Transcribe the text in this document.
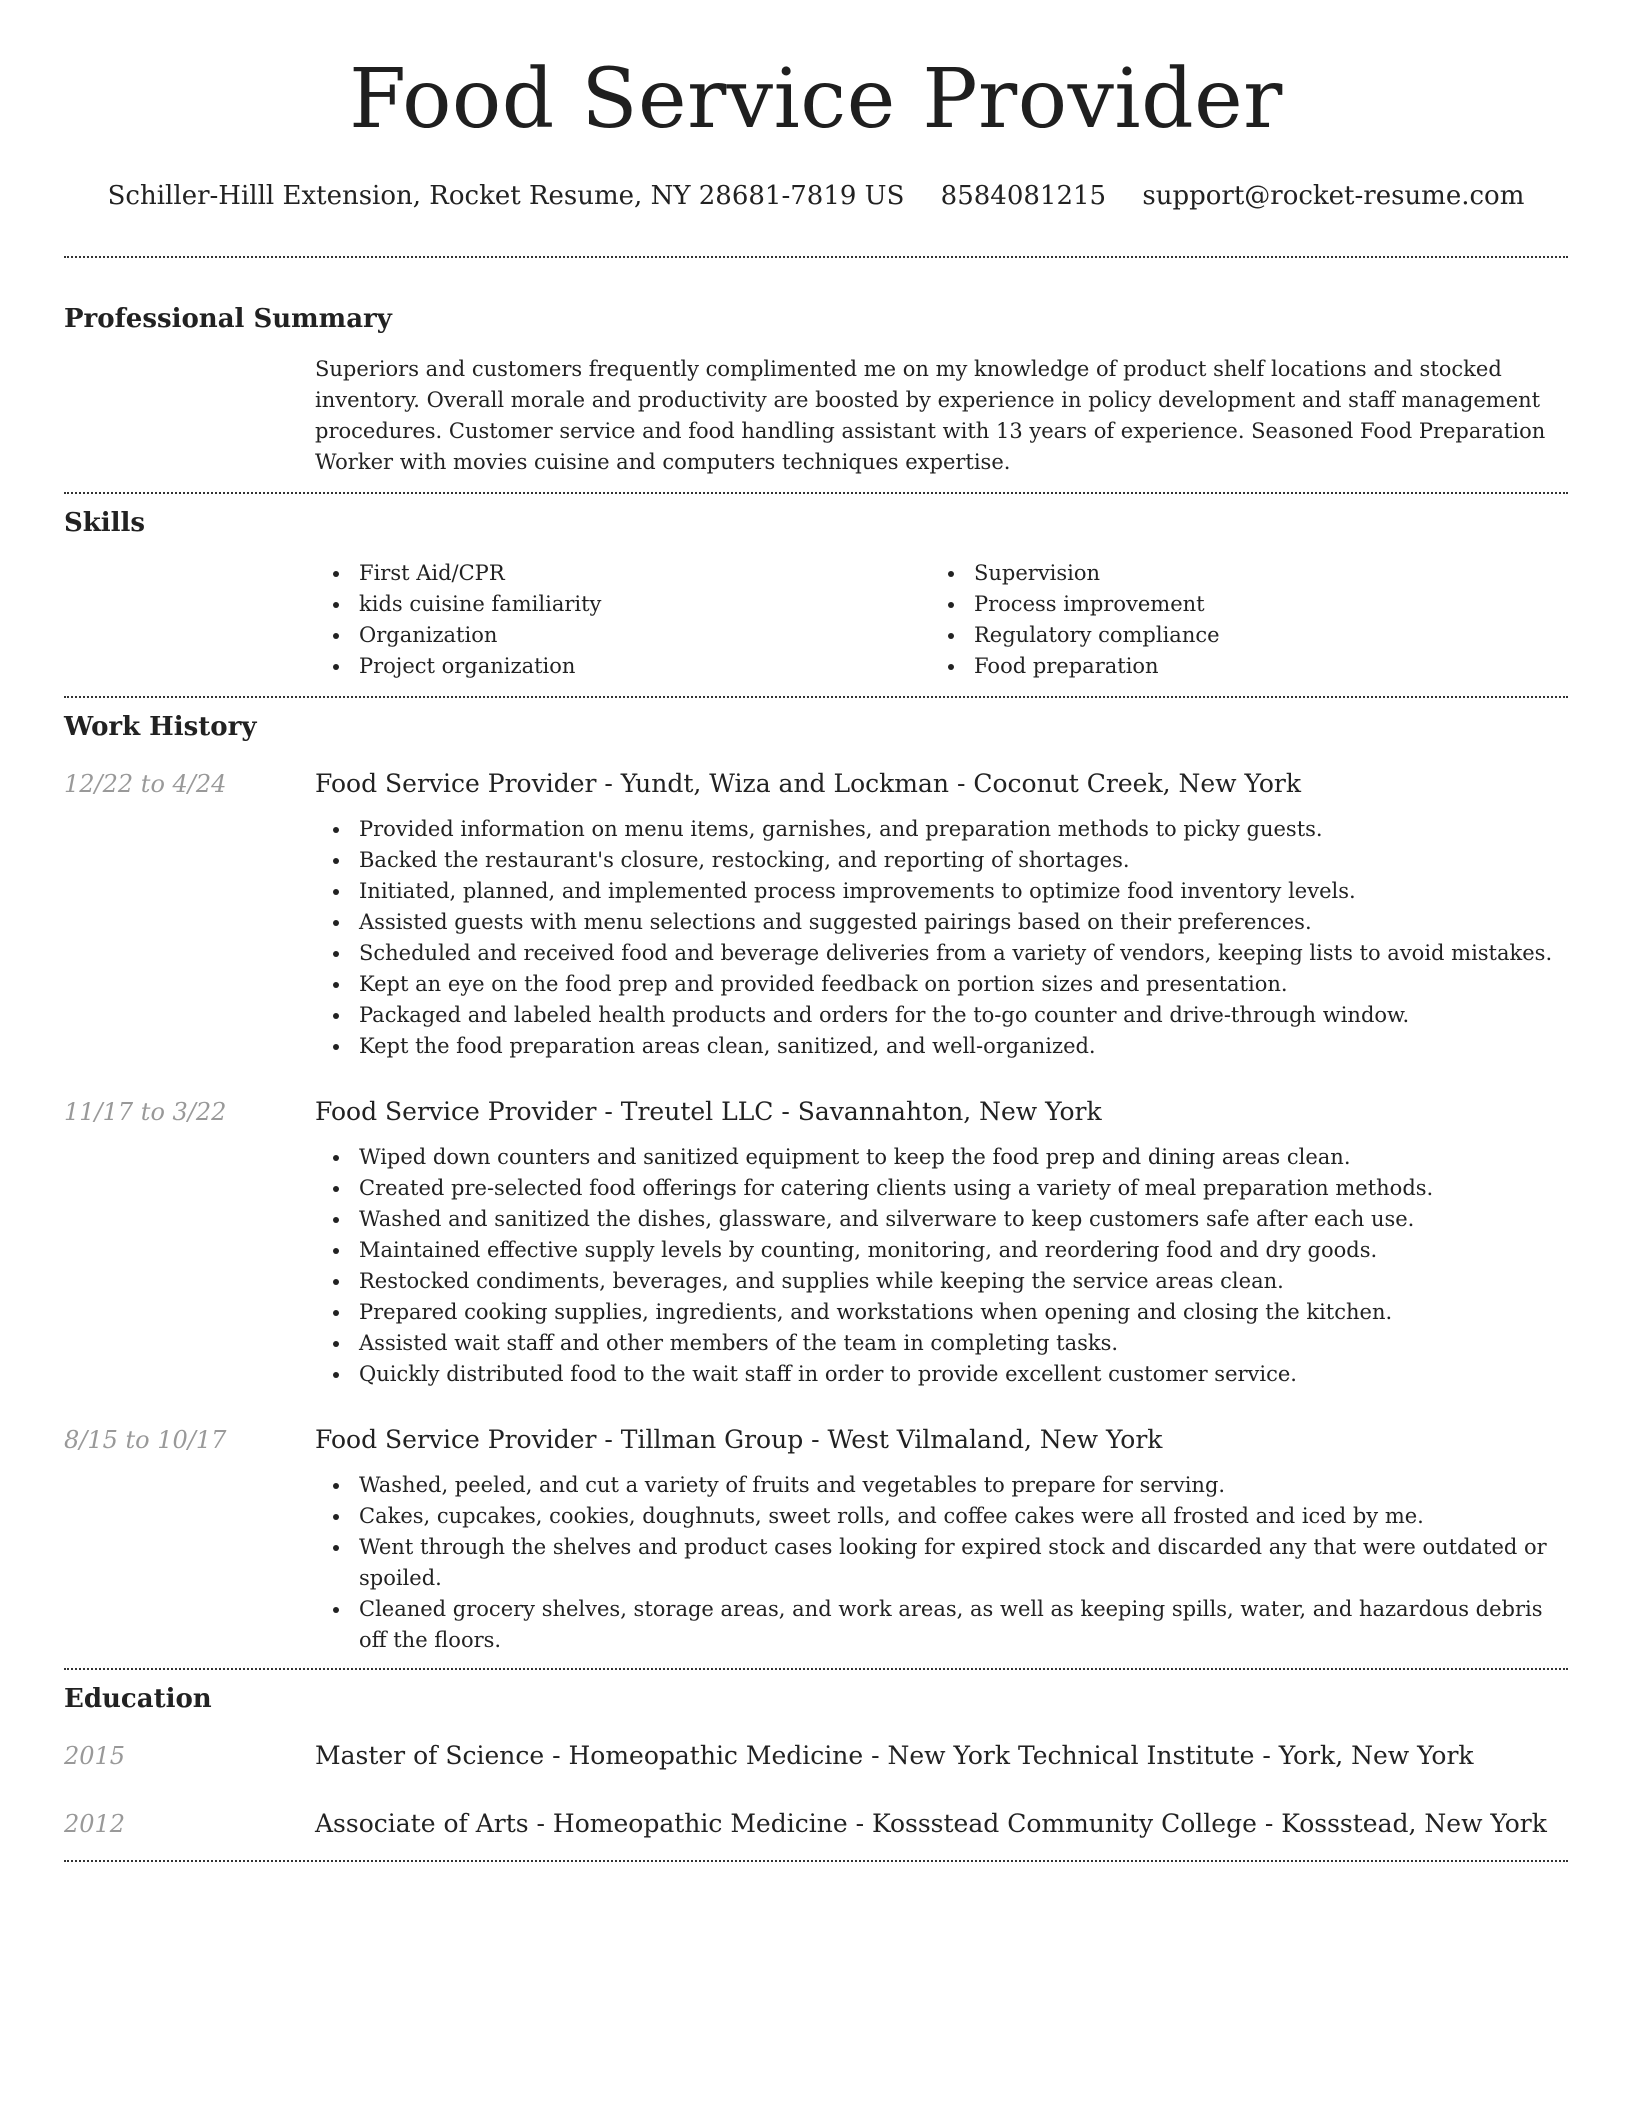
Food Service Provider
Schiller-Hilll Extension, Rocket Resume, NY 28681-7819 US 8584081215 support@rocket-resume.com
Professional Summary

Superiors and customers frequently complimented me on my knowledge of product shelf locations and stocked inventory. Overall morale and productivity are boosted by experience in policy development and staff management procedures. Customer service and food handling assistant with 13 years of experience. Seasoned Food Preparation Worker with movies cuisine and computers techniques expertise.

Skills
First Aid/CPR
kids cuisine familiarity
Organization
Project organization
Supervision
Process improvement
Regulatory compliance
Food preparation
Work History
12/22 to 4/24	Food Service Provider - Yundt, Wiza and Lockman - Coconut Creek, New York
Provided information on menu items, garnishes, and preparation methods to picky guests.
Backed the restaurant's closure, restocking, and reporting of shortages.
Initiated, planned, and implemented process improvements to optimize food inventory levels.
Assisted guests with menu selections and suggested pairings based on their preferences.
Scheduled and received food and beverage deliveries from a variety of vendors, keeping lists to avoid mistakes.
Kept an eye on the food prep and provided feedback on portion sizes and presentation.
Packaged and labeled health products and orders for the to-go counter and drive-through window.
Kept the food preparation areas clean, sanitized, and well-organized.
11/17 to 3/22	Food Service Provider - Treutel LLC - Savannahton, New York
Wiped down counters and sanitized equipment to keep the food prep and dining areas clean.
Created pre-selected food offerings for catering clients using a variety of meal preparation methods.
Washed and sanitized the dishes, glassware, and silverware to keep customers safe after each use.
Maintained effective supply levels by counting, monitoring, and reordering food and dry goods.
Restocked condiments, beverages, and supplies while keeping the service areas clean.
Prepared cooking supplies, ingredients, and workstations when opening and closing the kitchen.
Assisted wait staff and other members of the team in completing tasks.
Quickly distributed food to the wait staff in order to provide excellent customer service.
8/15 to 10/17	Food Service Provider - Tillman Group - West Vilmaland, New York
Washed, peeled, and cut a variety of fruits and vegetables to prepare for serving.
Cakes, cupcakes, cookies, doughnuts, sweet rolls, and coffee cakes were all frosted and iced by me.
Went through the shelves and product cases looking for expired stock and discarded any that were outdated or spoiled.
Cleaned grocery shelves, storage areas, and work areas, as well as keeping spills, water, and hazardous debris off the floors.
Education
2015	Master of Science - Homeopathic Medicine - New York Technical Institute - York, New York
2012	Associate of Arts - Homeopathic Medicine - Kossstead Community College - Kossstead, New York
